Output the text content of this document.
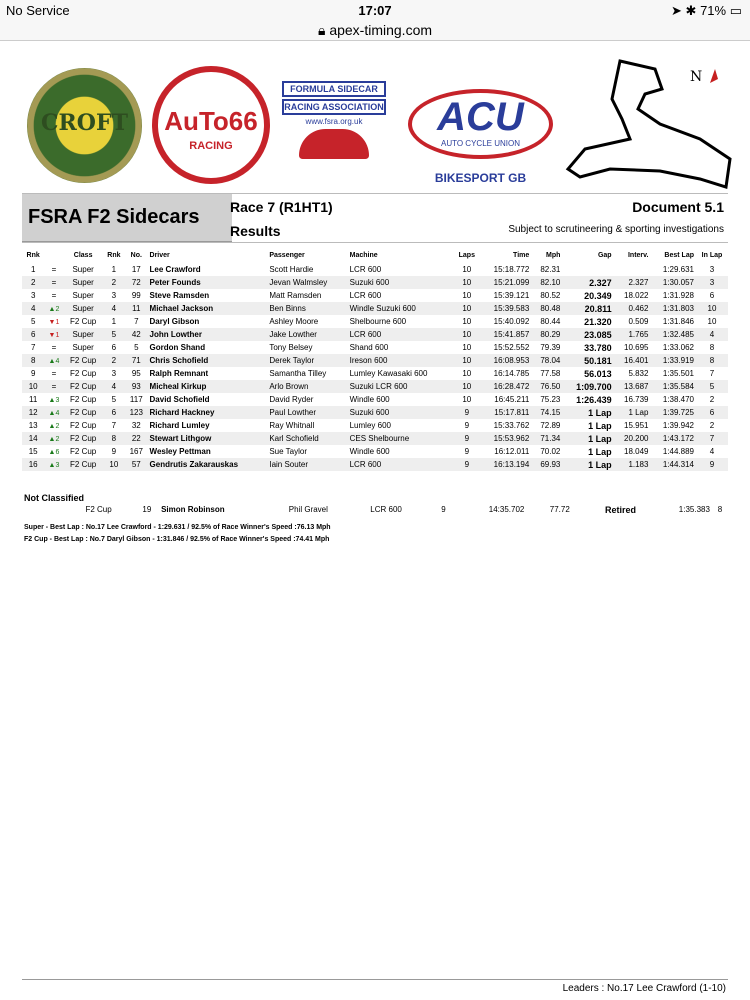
No Service	17:07	➤ ✱ 71% ▭
🔒︎ apex-timing.com
CROFT	AuTo66
RACING
FORMULA SIDECAR
RACING ASSOCIATION
www.fsra.org.uk	ACU
AUTO CYCLE UNION
BIKESPORT GB
N
FSRA F2 Sidecars Race 7 (R1HT1)
Results
Document 5.1
Subject to scrutineering & sporting investigations
Rnk		Class	Rnk	No.	Driver	Passenger	Machine	Laps	Time	Mph	Gap	Interv.	Best Lap	In Lap
1	=	Super	1	17	Lee Crawford	Scott Hardie	LCR 600	10	15:18.772	82.31			1:29.631	3
2	=	Super	2	72	Peter Founds	Jevan Walmsley	Suzuki 600	10	15:21.099	82.10	2.327	2.327	1:30.057	3
3	=	Super	3	99	Steve Ramsden	Matt Ramsden	LCR 600	10	15:39.121	80.52	20.349	18.022	1:31.928	6
4	▲2	Super	4	11	Michael Jackson	Ben Binns	Windle Suzuki 600	10	15:39.583	80.48	20.811	0.462	1:31.803	10
5	▼1	F2 Cup	1	7	Daryl Gibson	Ashley Moore	Shelbourne 600	10	15:40.092	80.44	21.320	0.509	1:31.846	10
6	▼1	Super	5	42	John Lowther	Jake Lowther	LCR 600	10	15:41.857	80.29	23.085	1.765	1:32.485	4
7	=	Super	6	5	Gordon Shand	Tony Belsey	Shand 600	10	15:52.552	79.39	33.780	10.695	1:33.062	8
8	▲4	F2 Cup	2	71	Chris Schofield	Derek Taylor	Ireson 600	10	16:08.953	78.04	50.181	16.401	1:33.919	8
9	=	F2 Cup	3	95	Ralph Remnant	Samantha Tilley	Lumley Kawasaki 600	10	16:14.785	77.58	56.013	5.832	1:35.501	7
10	=	F2 Cup	4	93	Micheal Kirkup	Arlo Brown	Suzuki LCR 600	10	16:28.472	76.50	1:09.700	13.687	1:35.584	5
11	▲3	F2 Cup	5	117	David Schofield	David Ryder	Windle 600	10	16:45.211	75.23	1:26.439	16.739	1:38.470	2
12	▲4	F2 Cup	6	123	Richard Hackney	Paul Lowther	Suzuki 600	9	15:17.811	74.15	1 Lap	1 Lap	1:39.725	6
13	▲2	F2 Cup	7	32	Richard Lumley	Ray Whitnall	Lumley 600	9	15:33.762	72.89	1 Lap	15.951	1:39.942	2
14	▲2	F2 Cup	8	22	Stewart Lithgow	Karl Schofield	CES Shelbourne	9	15:53.962	71.34	1 Lap	20.200	1:43.172	7
15	▲6	F2 Cup	9	167	Wesley Pettman	Sue Taylor	Windle 600	9	16:12.011	70.02	1 Lap	18.049	1:44.889	4
16	▲3	F2 Cup	10	57	Gendrutis Zakarauskas	Iain Souter	LCR 600	9	16:13.194	69.93	1 Lap	1.183	1:44.314	9
Not Classified
		F2 Cup		19	Simon Robinson	Phil Gravel	LCR 600	9	14:35.702	77.72	Retired		1:35.383	8
Super - Best Lap : No.17 Lee Crawford - 1:29.631 / 92.5% of Race Winner's Speed :76.13 Mph
F2 Cup - Best Lap : No.7 Daryl Gibson - 1:31.846 / 92.5% of Race Winner's Speed :74.41 Mph
Leaders : No.17 Lee Crawford (1-10)
